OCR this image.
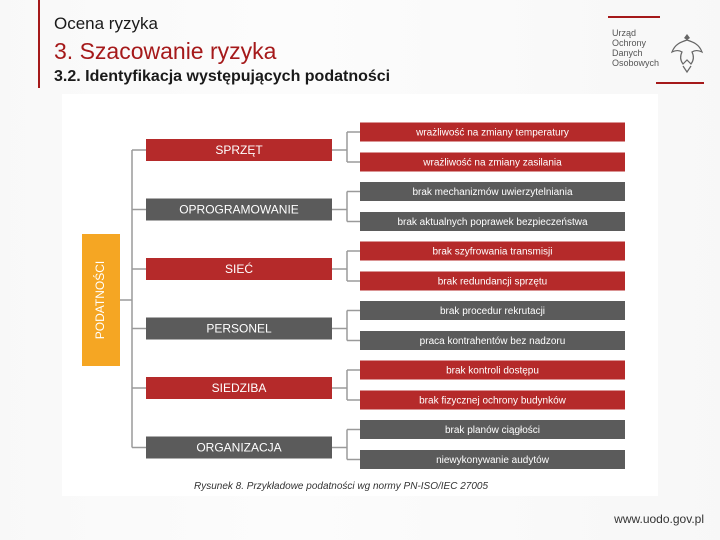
Ocena ryzyka
3. Szacowanie ryzyka
3.2. Identyfikacja występujących podatności
Urząd
Ochrony
Danych
Osobowych
PODATNOŚCI
SPRZĘT
wrażliwość na zmiany temperatury
wrażliwość na zmiany zasilania
OPROGRAMOWANIE
brak mechanizmów uwierzytelniania
brak aktualnych poprawek bezpieczeństwa
SIEĆ
brak szyfrowania transmisji
brak redundancji sprzętu
PERSONEL
brak procedur rekrutacji
praca kontrahentów bez nadzoru
SIEDZIBA
brak kontroli dostępu
brak fizycznej ochrony budynków
ORGANIZACJA
brak planów ciągłości
niewykonywanie audytów
Rysunek 8. Przykładowe podatności wg normy PN-ISO/IEC 27005
www.uodo.gov.pl
